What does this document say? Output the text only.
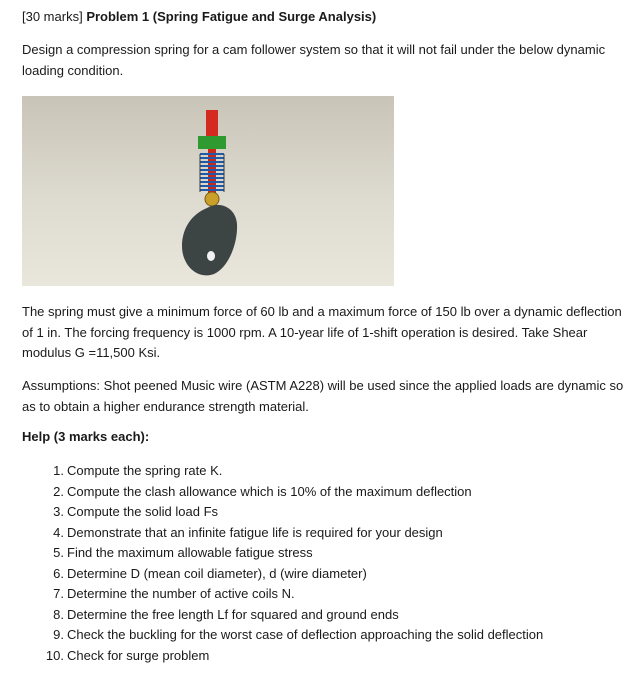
[30 marks] Problem 1 (Spring Fatigue and Surge Analysis)
Design a compression spring for a cam follower system so that it will not fail under the below dynamic loading condition.
The spring must give a minimum force of 60 lb and a maximum force of 150 lb over a dynamic deflection of 1 in. The forcing frequency is 1000 rpm. A 10-year life of 1-shift operation is desired. Take Shear modulus G =11,500 Ksi.
Assumptions: Shot peened Music wire (ASTM A228) will be used since the applied loads are dynamic so as to obtain a higher endurance strength material.
Help (3 marks each):
1. Compute the spring rate K.
2. Compute the clash allowance which is 10% of the maximum deflection
3. Compute the solid load Fs
4. Demonstrate that an infinite fatigue life is required for your design
5. Find the maximum allowable fatigue stress
6. Determine D (mean coil diameter), d (wire diameter)
7. Determine the number of active coils N.
8. Determine the free length Lf for squared and ground ends
9. Check the buckling for the worst case of deflection approaching the solid deflection
10. Check for surge problem
